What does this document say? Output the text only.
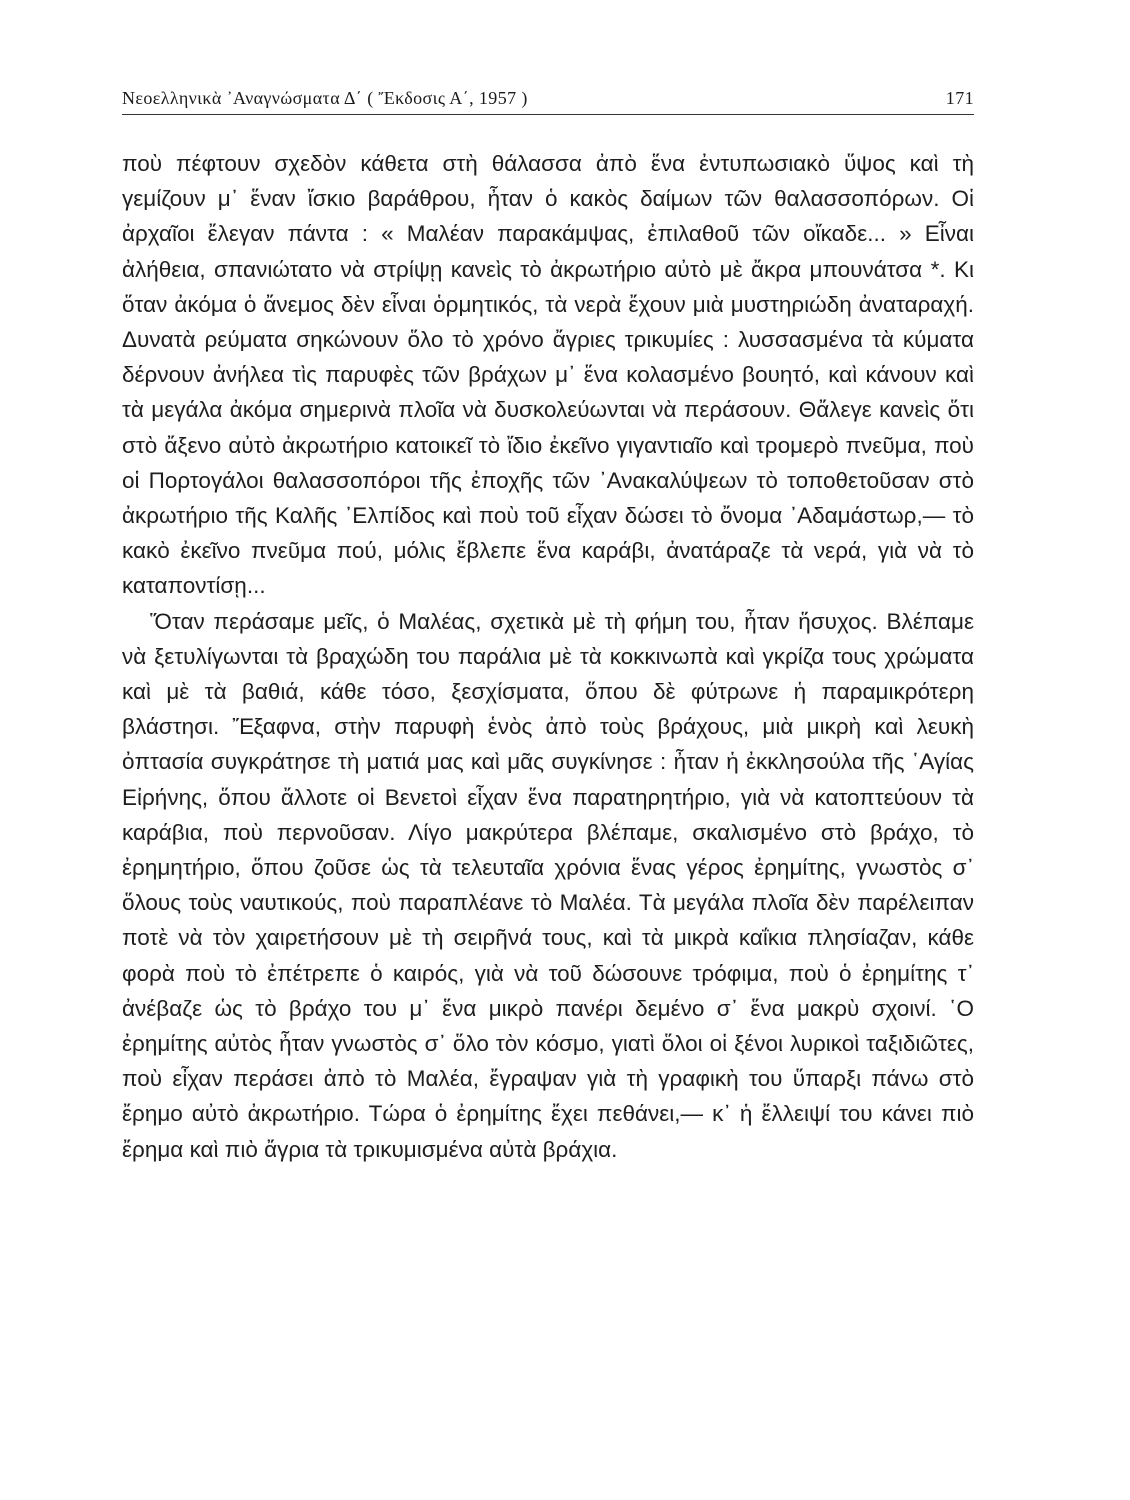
Νεοελληνικὰ ᾿Αναγνώσματα Δ΄ ( Ἔκδοσις Α΄, 1957 )	171

ποὺ πέφτουν σχεδὸν κάθετα στὴ θάλασσα ἀπὸ ἕνα ἐντυπωσιακὸ ὕψος καὶ τὴ γεμίζουν μ᾿ ἕναν ἴσκιο βαράθρου, ἦταν ὁ κακὸς δαίμων τῶν θαλασσοπόρων. Οἱ ἀρχαῖοι ἔλεγαν πάντα : « Μαλέαν παρακάμψας, ἐπιλαθοῦ τῶν οἴκαδε... » Εἶναι ἀλήθεια, σπανιώτατο νὰ στρίψῃ κανεὶς τὸ ἀκρωτήριο αὐτὸ μὲ ἄκρα μπουνάτσα *. Κι ὅταν ἀκόμα ὁ ἄνεμος δὲν εἶναι ὁρμητικός, τὰ νερὰ ἔχουν μιὰ μυστηριώδη ἀναταραχή. Δυνατὰ ρεύματα σηκώνουν ὅλο τὸ χρόνο ἄγριες τρικυμίες : λυσσασμένα τὰ κύματα δέρνουν ἀνήλεα τὶς παρυφὲς τῶν βράχων μ᾿ ἕνα κολασμένο βουητό, καὶ κάνουν καὶ τὰ μεγάλα ἀκόμα σημερινὰ πλοῖα νὰ δυσκολεύωνται νὰ περάσουν. Θἄλεγε κανεὶς ὅτι στὸ ἄξενο αὐτὸ ἀκρωτήριο κατοικεῖ τὸ ἴδιο ἐκεῖνο γιγαντιαῖο καὶ τρομερὸ πνεῦμα, ποὺ οἱ Πορτογάλοι θαλασσοπόροι τῆς ἐποχῆς τῶν ᾿Ανακαλύψεων τὸ τοποθετοῦσαν στὸ ἀκρωτήριο τῆς Καλῆς ᾿Ελπίδος καὶ ποὺ τοῦ εἶχαν δώσει τὸ ὄνομα ᾿Αδαμάστωρ,— τὸ κακὸ ἐκεῖνο πνεῦμα πού, μόλις ἔβλεπε ἕνα καράβι, ἀνατάραζε τὰ νερά, γιὰ νὰ τὸ καταποντίσῃ...

Ὅταν περάσαμε μεῖς, ὁ Μαλέας, σχετικὰ μὲ τὴ φήμη του, ἦταν ἥσυχος. Βλέπαμε νὰ ξετυλίγωνται τὰ βραχώδη του παράλια μὲ τὰ κοκκινωπὰ καὶ γκρίζα τους χρώματα καὶ μὲ τὰ βαθιά, κάθε τόσο, ξεσχίσματα, ὅπου δὲ φύτρωνε ἡ παραμικρότερη βλάστησι. Ἔξαφνα, στὴν παρυφὴ ἑνὸς ἀπὸ τοὺς βράχους, μιὰ μικρὴ καὶ λευκὴ ὀπτασία συγκράτησε τὴ ματιά μας καὶ μᾶς συγκίνησε : ἦταν ἡ ἐκκλησούλα τῆς ῾Αγίας Εἰρήνης, ὅπου ἄλλοτε οἱ Βενετοὶ εἶχαν ἕνα παρατηρητήριο, γιὰ νὰ κατοπτεύουν τὰ καράβια, ποὺ περνοῦσαν. Λίγο μακρύτερα βλέπαμε, σκαλισμένο στὸ βράχο, τὸ ἐρημητήριο, ὅπου ζοῦσε ὡς τὰ τελευταῖα χρόνια ἕνας γέρος ἐρημίτης, γνωστὸς σ᾿ ὅλους τοὺς ναυτικούς, ποὺ παραπλέανε τὸ Μαλέα. Τὰ μεγάλα πλοῖα δὲν παρέλειπαν ποτὲ νὰ τὸν χαιρετήσουν μὲ τὴ σειρῆνά τους, καὶ τὰ μικρὰ καΐκια πλησίαζαν, κάθε φορὰ ποὺ τὸ ἐπέτρεπε ὁ καιρός, γιὰ νὰ τοῦ δώσουνε τρόφιμα, ποὺ ὁ ἐρημίτης τ᾿ ἀνέβαζε ὡς τὸ βράχο του μ᾿ ἕνα μικρὸ πανέρι δεμένο σ᾿ ἕνα μακρὺ σχοινί. ῾Ο ἐρημίτης αὐτὸς ἦταν γνωστὸς σ᾿ ὅλο τὸν κόσμο, γιατὶ ὅλοι οἱ ξένοι λυρικοὶ ταξιδιῶτες, ποὺ εἶχαν περάσει ἀπὸ τὸ Μαλέα, ἔγραψαν γιὰ τὴ γραφικὴ του ὕπαρξι πάνω στὸ ἔρημο αὐτὸ ἀκρωτήριο. Τώρα ὁ ἐρημίτης ἔχει πεθάνει,— κ᾿ ἡ ἔλλειψί του κάνει πιὸ ἔρημα καὶ πιὸ ἄγρια τὰ τρικυμισμένα αὐτὰ βράχια.
